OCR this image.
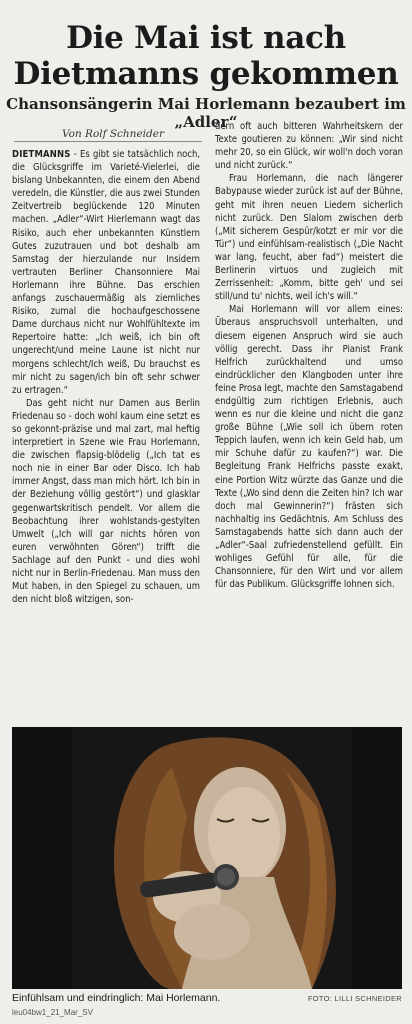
Die Mai ist nach
Dietmanns gekommen
Chansonsängerin Mai Horlemann bezaubert im „Adler“
Von Rolf Schneider

DIETMANNS - Es gibt sie tatsächlich noch, die Glücksgriffe im Varieté-Vielerlei, die bislang Unbekannten, die einem den Abend veredeln, die Künstler, die aus zwei Stunden Zeitvertreib beglückende 120 Minuten machen. „Adler“-Wirt Hierlemann wagt das Risiko, auch eher unbekannten Künstlern Gutes zuzutrauen und bot deshalb am Samstag der hierzulande nur Insidern vertrauten Berliner Chansonniere Mai Horlemann ihre Bühne. Das erschien anfangs zuschauermäßig als ziemliches Risiko, zumal die hochaufgeschossene Dame durchaus nicht nur Wohlfühltexte im Repertoire hatte: „Ich weiß, ich bin oft ungerecht/und meine Laune ist nicht nur morgens schlecht/Ich weiß, Du brauchst es mir nicht zu sagen/ich bin oft sehr schwer zu ertragen.“

Das geht nicht nur Damen aus Berlin Friedenau so - doch wohl kaum eine setzt es so gekonnt-präzise und mal zart, mal heftig interpretiert in Szene wie Frau Horlemann, die zwischen flapsig-blödelig („Ich tat es noch nie in einer Bar oder Disco. Ich hab immer Angst, dass man mich hört. Ich bin in der Beziehung völlig gestört“) und glasklar gegenwartskritisch pendelt. Vor allem die Beobachtung ihrer wohlstands-gestylten Umwelt („Ich will gar nichts hören von euren verwöhnten Gören“) trifft die Sachlage auf den Punkt - und dies wohl nicht nur in Berlin-Friedenau. Man muss den Mut haben, in den Spiegel zu schauen, um den nicht bloß witzigen, son-

dern oft auch bitteren Wahrheitskern der Texte goutieren zu können: „Wir sind nicht mehr 20, so ein Glück, wir woll'n doch voran und nicht zurück.“

Frau Horlemann, die nach längerer Babypause wieder zurück ist auf der Bühne, geht mit ihren neuen Liedern sicherlich nicht zurück. Den Slalom zwischen derb („Mit sicherem Gespür/kotzt er mir vor die Tür“) und einfühlsam-realistisch („Die Nacht war lang, feucht, aber fad“) meistert die Berlinerin virtuos und zugleich mit Zerrissenheit: „Komm, bitte geh' und sei still/und tu' nichts, weil ich's will.“

Mai Horlemann will vor allem eines: Überaus anspruchsvoll unterhalten, und diesem eigenen Anspruch wird sie auch völlig gerecht. Dass ihr Pianist Frank Helfrich zurückhaltend und umso eindrücklicher den Klangboden unter ihre feine Prosa legt, machte den Samstagabend endgültig zum richtigen Erlebnis, auch wenn es nur die kleine und nicht die ganz große Bühne („Wie soll ich übern roten Teppich laufen, wenn ich kein Geld hab, um mir Schuhe dafür zu kaufen?“) war. Die Begleitung Frank Helfrichs passte exakt, eine Portion Witz würzte das Ganze und die Texte („Wo sind denn die Zeiten hin? Ich war doch mal Gewinnerin?“) frästen sich nachhaltig ins Gedächtnis. Am Schluss des Samstagabends hatte sich dann auch der „Adler“-Saal zufriedenstellend gefüllt. Ein wohliges Gefühl für alle, für die Chansonniere, für den Wirt und vor allem für das Publikum. Glücksgriffe lohnen sich.

Einfühlsam und eindringlich: Mai Horlemann.	FOTO: LILLI SCHNEIDER
leu04bw1_21_Mar_SV
